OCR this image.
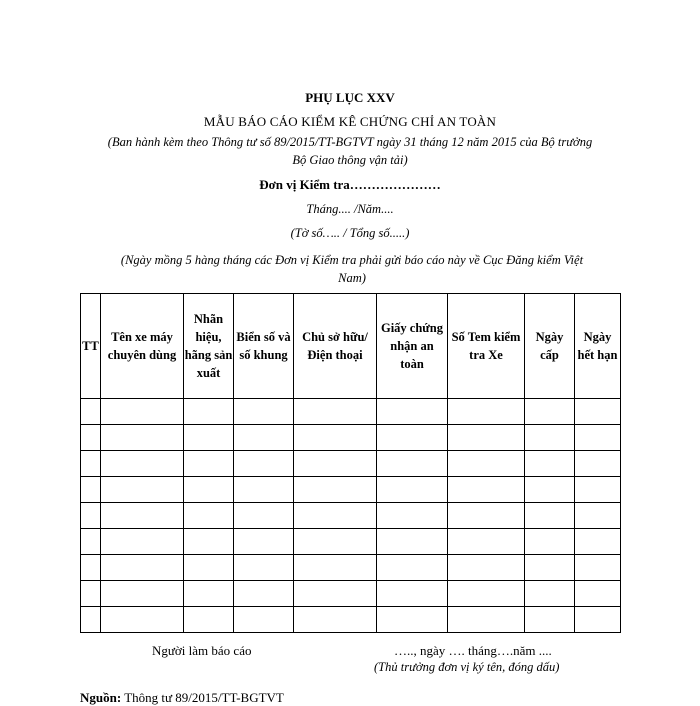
PHỤ LỤC XXV
MẪU BÁO CÁO KIỂM KÊ CHỨNG CHỈ AN TOÀN
(Ban hành kèm theo Thông tư số 89/2015/TT-BGTVT ngày 31 tháng 12 năm 2015 của Bộ trưởng
Bộ Giao thông vận tải)
Đơn vị Kiểm tra…………………
Tháng.... /Năm....
(Tờ số….. / Tổng số.....)
(Ngày mồng 5 hàng tháng các Đơn vị Kiểm tra phải gửi báo cáo này về Cục Đăng kiểm Việt
Nam)
TT	Tên xe máy chuyên dùng	Nhãn hiệu, hãng sản xuất	Biển số và số khung	Chủ sở hữu/ Điện thoại	Giấy chứng nhận an toàn	Số Tem kiểm tra Xe	Ngày cấp	Ngày hết hạn

Người làm báo cáo	….., ngày …. tháng….năm ....
(Thủ trưởng đơn vị ký tên, đóng dấu)
Nguồn: Thông tư 89/2015/TT-BGTVT
